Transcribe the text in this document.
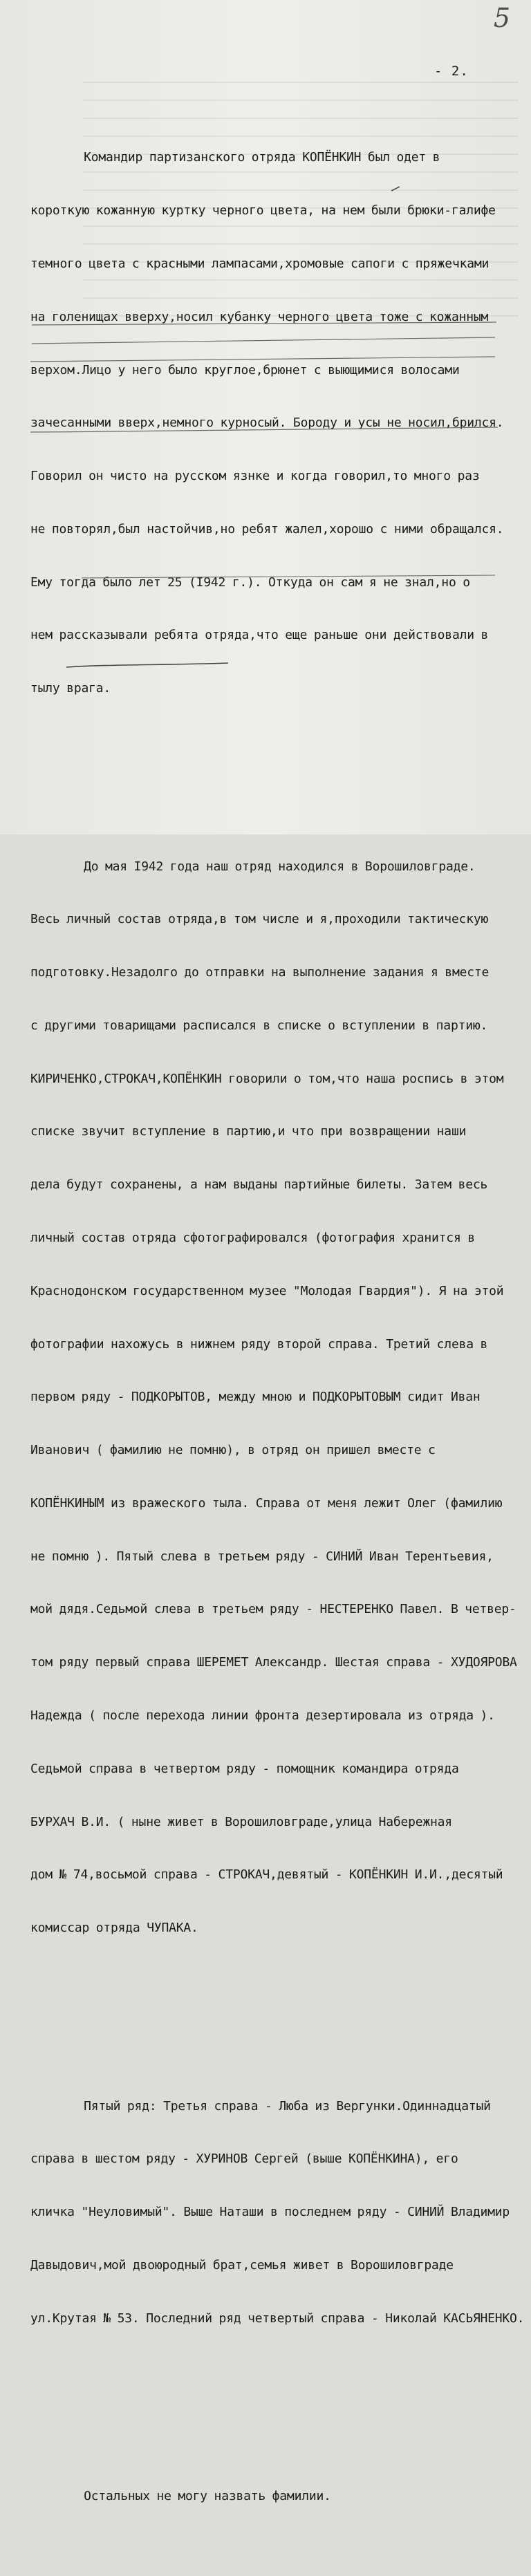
5
- 2.

Командир партизанского отряда КОПЁНКИН был одет в

короткую кожанную куртку черного цвета, на нем были брюки-галифе

темного цвета с красными лампасами,хромовые сапоги с пряжечками

на голенищах вверху,носил кубанку черного цвета тоже с кожанным

верхом.Лицо у него было круглое,брюнет с выющимися волосами

зачесанными вверх,немного курносый. Бороду и усы не носил,брился.

Говорил он чисто на русском язнке и когда говорил,то много раз

не повторял,был настойчив,но ребят жалел,хорошо с ними обращался.

Ему тогда было лет 25 (I942 г.). Откуда он сам я не знал,но о

нем рассказывали ребята отряда,что еще раньше они действовали в

тылу врага.

До мая I942 года наш отряд находился в Ворошиловграде.

Весь личный состав отряда,в том числе и я,проходили тактическую

подготовку.Незадолго до отправки на выполнение задания я вместе

с другими товарищами расписался в списке о вступлении в партию.

КИРИЧЕНКО,СТРОКАЧ,КОПЁНКИН говорили о том,что наша роспись в этом

списке звучит вступление в партию,и что при возвращении наши

дела будут сохранены, а нам выданы партийные билеты. Затем весь

личный состав отряда сфотографировался (фотография хранится в

Краснодонском государственном музее "Молодая Гвардия"). Я на этой

фотографии нахожусь в нижнем ряду второй справа. Третий слева в

первом ряду - ПОДКОРЫТОВ, между мною и ПОДКОРЫТОВЫМ сидит Иван

Иванович ( фамилию не помню), в отряд он пришел вместе с

КОПЁНКИНЫМ из вражеского тыла. Справа от меня лежит Олег (фамилию

не помню ). Пятый слева в третьем ряду - СИНИЙ Иван Терентьевия,

мой дядя.Седьмой слева в третьем ряду - НЕСТЕРЕНКО Павел. В четвер-

том ряду первый справа ШЕРЕМЕТ Александр. Шестая справа - ХУДОЯРОВА

Надежда ( после перехода линии фронта дезертировала из отряда ).

Седьмой справа в четвертом ряду - помощник командира отряда

БУРХАЧ В.И. ( ныне живет в Ворошиловграде,улица Набережная

дом № 74,восьмой справа - СТРОКАЧ,девятый - КОПЁНКИН И.И.,десятый

комиссар отряда ЧУПАКА.

Пятый ряд: Третья справа - Люба из Вергунки.Одиннадцатый

справа в шестом ряду - ХУРИНОВ Сергей (выше КОПЁНКИНА), его

кличка "Неуловимый". Выше Наташи в последнем ряду - СИНИЙ Владимир

Давыдович,мой двоюродный брат,семья живет в Ворошиловграде

ул.Крутая № 53. Последний ряд четвертый справа - Николай КАСЬЯНЕНКО.

Остальных не могу назвать фамилии.
